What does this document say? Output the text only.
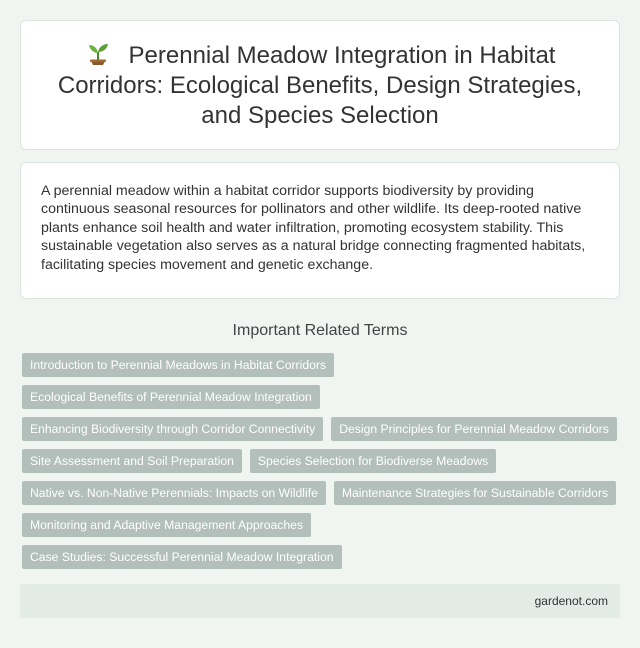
Perennial Meadow Integration in Habitat Corridors: Ecological Benefits, Design Strategies, and Species Selection

A perennial meadow within a habitat corridor supports biodiversity by providing continuous seasonal resources for pollinators and other wildlife. Its deep-rooted native plants enhance soil health and water infiltration, promoting ecosystem stability. This sustainable vegetation also serves as a natural bridge connecting fragmented habitats, facilitating species movement and genetic exchange.

Important Related Terms
Introduction to Perennial Meadows in Habitat Corridors
Ecological Benefits of Perennial Meadow Integration
Enhancing Biodiversity through Corridor Connectivity	Design Principles for Perennial Meadow Corridors
Site Assessment and Soil Preparation	Species Selection for Biodiverse Meadows
Native vs. Non-Native Perennials: Impacts on Wildlife	Maintenance Strategies for Sustainable Corridors
Monitoring and Adaptive Management Approaches
Case Studies: Successful Perennial Meadow Integration
gardenot.com
